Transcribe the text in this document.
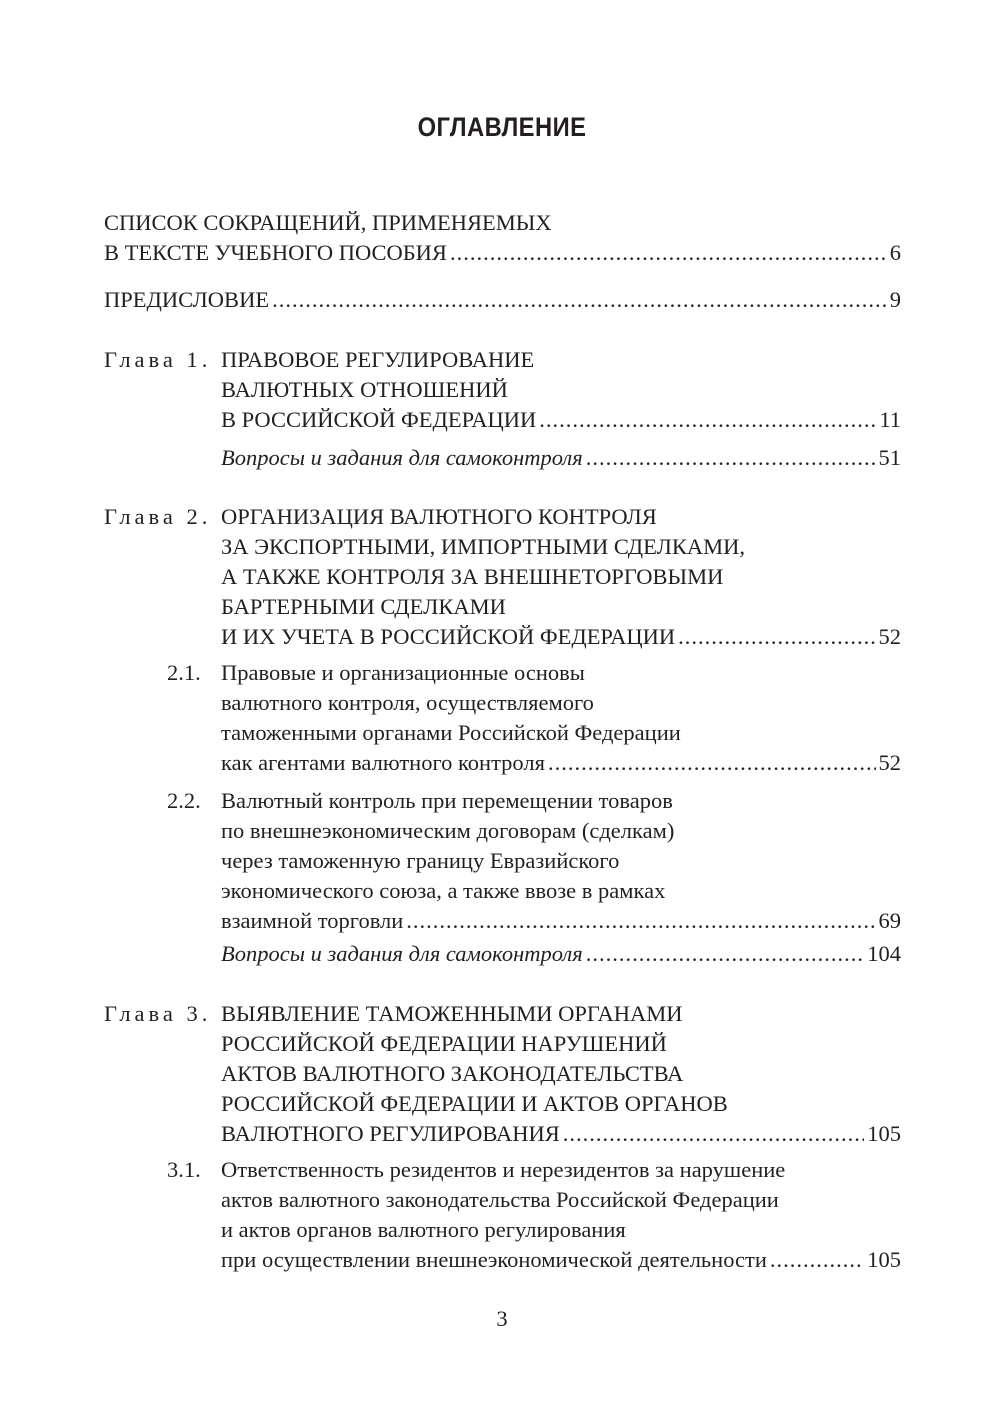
ОГЛАВЛЕНИЕ
СПИСОК СОКРАЩЕНИЙ, ПРИМЕНЯЕМЫХ
В ТЕКСТЕ УЧЕБНОГО ПОСОБИЯ .....	6
ПРЕДИСЛОВИЕ .....	9
Глава 1. ПРАВОВОЕ РЕГУЛИРОВАНИЕ
ВАЛЮТНЫХ ОТНОШЕНИЙ
В РОССИЙСКОЙ ФЕДЕРАЦИИ .....	11
Вопросы и задания для самоконтроля .....	51
Глава 2. ОРГАНИЗАЦИЯ ВАЛЮТНОГО КОНТРОЛЯ
ЗА ЭКСПОРТНЫМИ, ИМПОРТНЫМИ СДЕЛКАМИ,
А ТАКЖЕ КОНТРОЛЯ ЗА ВНЕШНЕТОРГОВЫМИ
БАРТЕРНЫМИ СДЕЛКАМИ
И ИХ УЧЕТА В РОССИЙСКОЙ ФЕДЕРАЦИИ .....	52
2.1. Правовые и организационные основы
валютного контроля, осуществляемого
таможенными органами Российской Федерации
как агентами валютного контроля .....	52
2.2. Валютный контроль при перемещении товаров
по внешнеэкономическим договорам (сделкам)
через таможенную границу Евразийского
экономического союза, а также ввозе в рамках
взаимной торговли .....	69
Вопросы и задания для самоконтроля .....	104
Глава 3. ВЫЯВЛЕНИЕ ТАМОЖЕННЫМИ ОРГАНАМИ
РОССИЙСКОЙ ФЕДЕРАЦИИ НАРУШЕНИЙ
АКТОВ ВАЛЮТНОГО ЗАКОНОДАТЕЛЬСТВА
РОССИЙСКОЙ ФЕДЕРАЦИИ И АКТОВ ОРГАНОВ
ВАЛЮТНОГО РЕГУЛИРОВАНИЯ .....	105
3.1. Ответственность резидентов и нерезидентов за нарушение
актов валютного законодательства Российской Федерации
и актов органов валютного регулирования
при осуществлении внешнеэкономической деятельности .....	105
3
